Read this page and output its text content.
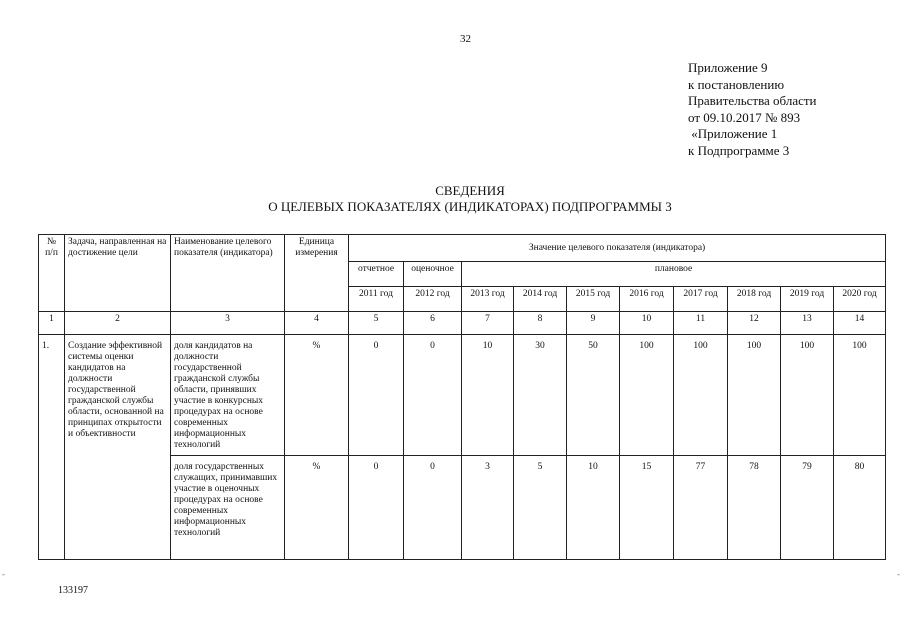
32
Приложение 9
к постановлению
Правительства области
от 09.10.2017 № 893
«Приложение 1
к Подпрограмме 3
СВЕДЕНИЯ
О ЦЕЛЕВЫХ ПОКАЗАТЕЛЯХ (ИНДИКАТОРАХ) ПОДПРОГРАММЫ 3
№ п/п	Задача, направленная на достижение цели	Наименование целевого показателя (индикатора)	Единица измерения	Значение целевого показателя (индикатора)									
				отчетное	оценочное	плановое							
				2011 год	2012 год	2013 год	2014 год	2015 год	2016 год	2017 год	2018 год	2019 год	2020 год
1	2	3	4	5	6	7	8	9	10	11	12	13	14
1.	Создание эффективной системы оценки кандидатов на должности государственной гражданской службы области, основанной на принципах открытости и объективности	доля кандидатов на должности государственной гражданской службы области, принявших участие в конкурсных процедурах на основе современных информационных технологий	%	0	0	10	30	50	100	100	100	100	100
		доля государственных служащих, принимавших участие в оценочных процедурах на основе современных информационных технологий	%	0	0	3	5	10	15	77	78	79	80
133197
-	-
